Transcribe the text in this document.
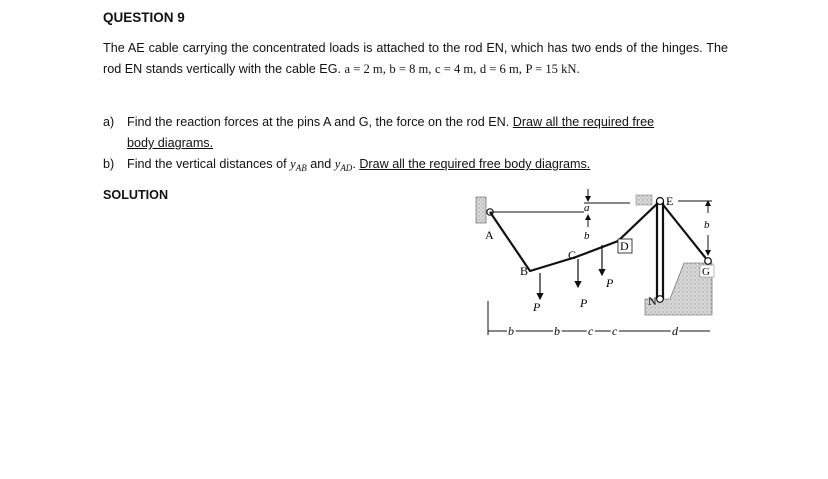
QUESTION 9
The AE cable carrying the concentrated loads is attached to the rod EN, which has two ends of the hinges. The rod EN stands vertically with the cable EG. a = 2 m, b = 8 m, c = 4 m, d = 6 m, P = 15 kN.
a) Find the reaction forces at the pins A and G, the force on the rod EN. Draw all the required free
body diagrams.
b) Find the vertical distances of $y_{AB}$ and $y_{AD}$. Draw all the required free body diagrams.
SOLUTION
A
E
N
G
B
C
D
P	P
P
a
b
b
b	b c c	d
